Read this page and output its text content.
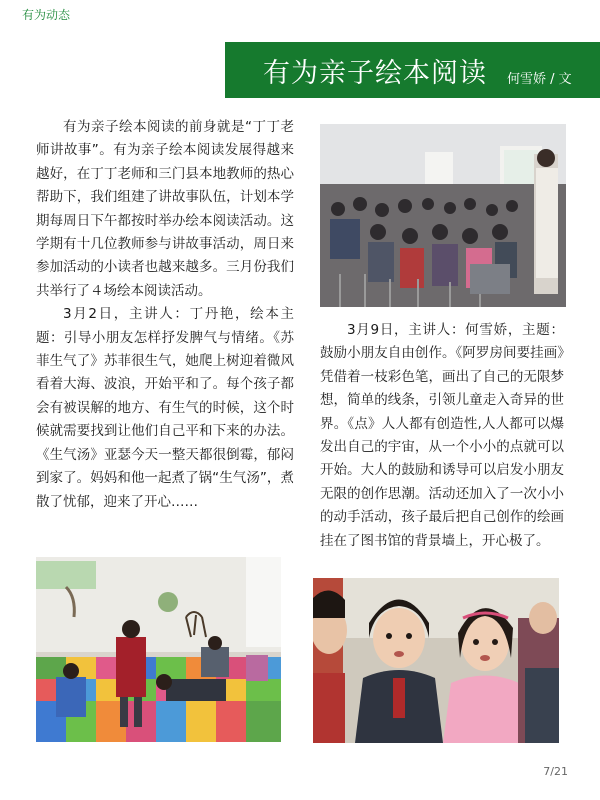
有为动态
有为亲子绘本阅读 何雪娇 / 文

有为亲子绘本阅读的前身就是“丁丁老师讲故事”。有为亲子绘本阅读发展得越来越好，在丁丁老师和三门县本地教师的热心帮助下，我们组建了讲故事队伍，计划本学期每周日下午都按时举办绘本阅读活动。这学期有十几位教师参与讲故事活动，周日来参加活动的小读者也越来越多。三月份我们共举行了４场绘本阅读活动。

3月2日，主讲人：丁丹艳，绘本主题：引导小朋友怎样抒发脾气与情绪。《苏菲生气了》苏菲很生气，她爬上树迎着微风看着大海、波浪，开始平和了。每个孩子都会有被误解的地方、有生气的时候，这个时候就需要找到让他们自己平和下来的办法。《生气汤》亚瑟今天一整天都很倒霉，郁闷到家了。妈妈和他一起煮了锅“生气汤”，煮散了忧郁，迎来了开心……

3月9日，主讲人：何雪娇，主题：鼓励小朋友自由创作。《阿罗房间要挂画》凭借着一枝彩色笔，画出了自己的无限梦想，简单的线条，引领儿童走入奇异的世界。《点》人人都有创造性,人人都可以爆发出自己的宇宙，从一个小小的点就可以开始。大人的鼓励和诱导可以启发小朋友无限的创作思潮。活动还加入了一次小小的动手活动，孩子最后把自己创作的绘画挂在了图书馆的背景墙上，开心极了。

7/21
